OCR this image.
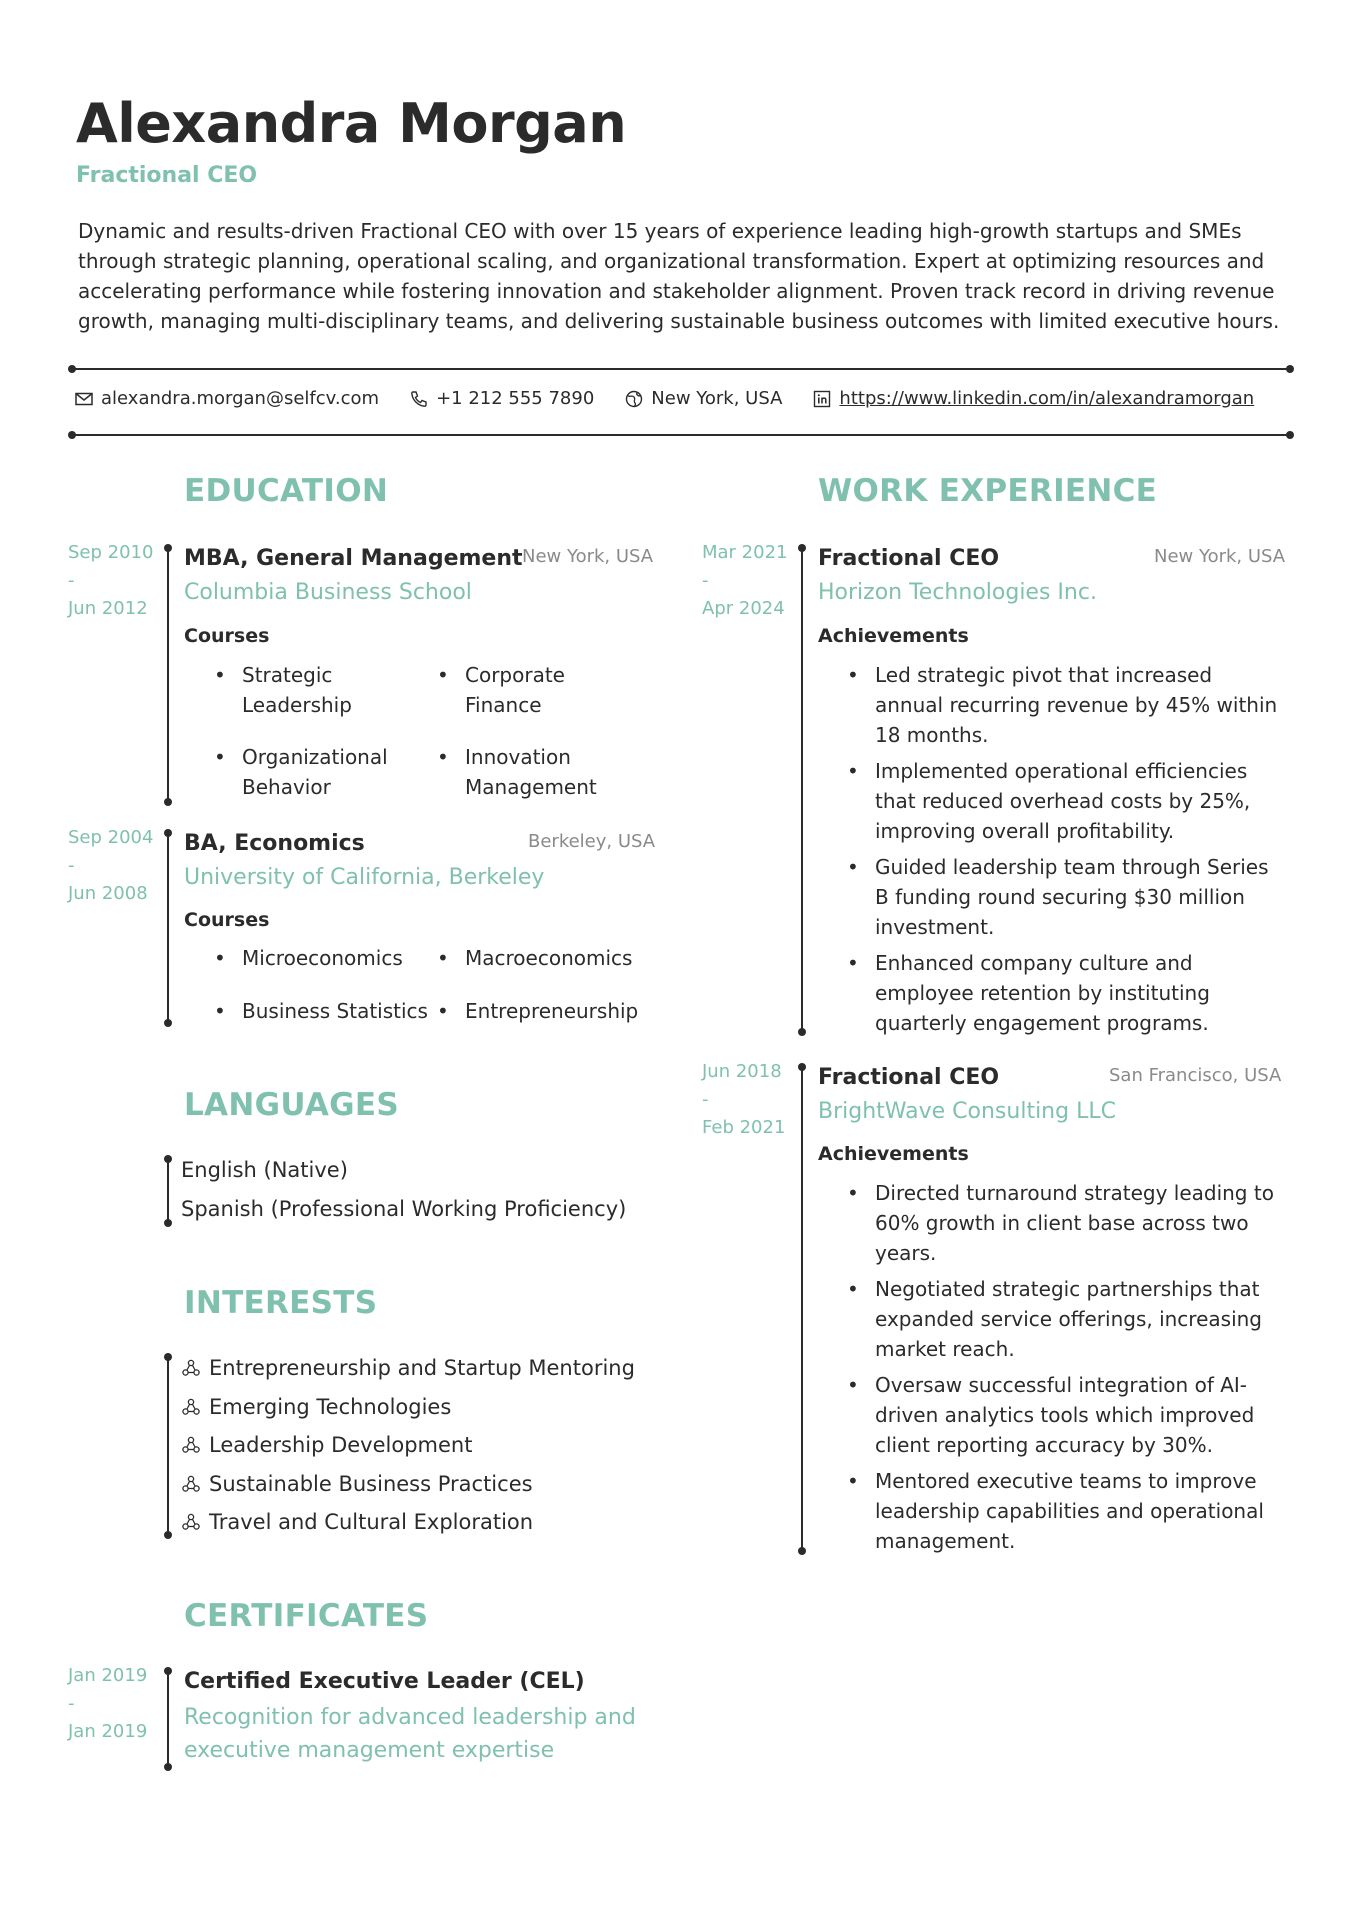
Alexandra Morgan
Fractional CEO
Dynamic and results-driven Fractional CEO with over 15 years of experience leading high-growth startups and SMEs through strategic planning, operational scaling, and organizational transformation. Expert at optimizing resources and accelerating performance while fostering innovation and stakeholder alignment. Proven track record in driving revenue growth, managing multi-disciplinary teams, and delivering sustainable business outcomes with limited executive hours.
alexandra.morgan@selfcv.com	+1 212 555 7890	New York, USA	https://www.linkedin.com/in/alexandramorgan
EDUCATION
Sep 2010
-
Jun 2012
MBA, General Management New York, USA
Columbia Business School
Courses
• Strategic Leadership
• Corporate Finance
• Organizational Behavior
• Innovation Management
Sep 2004
-
Jun 2008
BA, Economics	Berkeley, USA
University of California, Berkeley
Courses
• Microeconomics	• Macroeconomics
• Business Statistics	• Entrepreneurship
LANGUAGES
English (Native)
Spanish (Professional Working Proficiency)
INTERESTS
Entrepreneurship and Startup Mentoring
Emerging Technologies
Leadership Development
Sustainable Business Practices
Travel and Cultural Exploration
CERTIFICATES
Jan 2019
-
Jan 2019
Certified Executive Leader (CEL)
Recognition for advanced leadership and executive management expertise
WORK EXPERIENCE
Mar 2021
-
Apr 2024
Fractional CEO	New York, USA
Horizon Technologies Inc.
Achievements
• Led strategic pivot that increased annual recurring revenue by 45% within 18 months.
• Implemented operational efficiencies that reduced overhead costs by 25%, improving overall profitability.
• Guided leadership team through Series B funding round securing $30 million investment.
• Enhanced company culture and employee retention by instituting quarterly engagement programs.
Jun 2018
-
Feb 2021
Fractional CEO	San Francisco, USA
BrightWave Consulting LLC
Achievements
• Directed turnaround strategy leading to 60% growth in client base across two years.
• Negotiated strategic partnerships that expanded service offerings, increasing market reach.
• Oversaw successful integration of AI-driven analytics tools which improved client reporting accuracy by 30%.
• Mentored executive teams to improve leadership capabilities and operational management.
